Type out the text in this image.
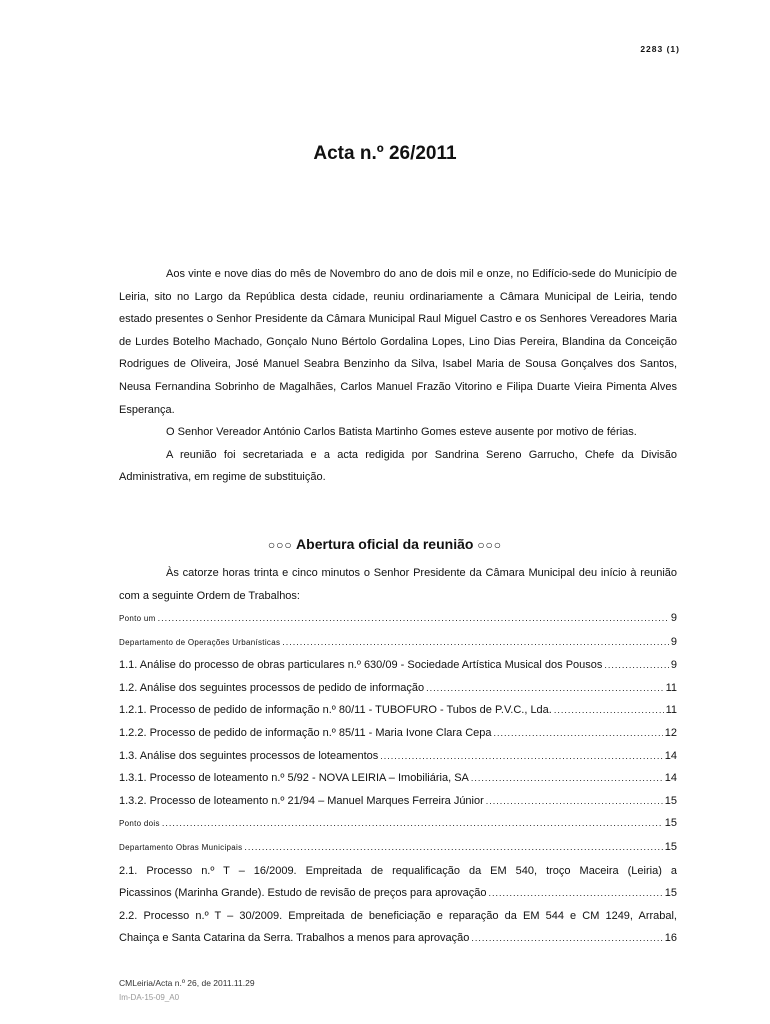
2283 (1)
Acta n.º 26/2011

Aos vinte e nove dias do mês de Novembro do ano de dois mil e onze, no Edifício-sede do Município de Leiria, sito no Largo da República desta cidade, reuniu ordinariamente a Câmara Municipal de Leiria, tendo estado presentes o Senhor Presidente da Câmara Municipal Raul Miguel Castro e os Senhores Vereadores Maria de Lurdes Botelho Machado, Gonçalo Nuno Bértolo Gordalina Lopes, Lino Dias Pereira, Blandina da Conceição Rodrigues de Oliveira, José Manuel Seabra Benzinho da Silva, Isabel Maria de Sousa Gonçalves dos Santos, Neusa Fernandina Sobrinho de Magalhães, Carlos Manuel Frazão Vitorino e Filipa Duarte Vieira Pimenta Alves Esperança.

O Senhor Vereador António Carlos Batista Martinho Gomes esteve ausente por motivo de férias.

A reunião foi secretariada e a acta redigida por Sandrina Sereno Garrucho, Chefe da Divisão Administrativa, em regime de substituição.

○○○ Abertura oficial da reunião ○○○

Às catorze horas trinta e cinco minutos o Senhor Presidente da Câmara Municipal deu início à reunião com a seguinte Ordem de Trabalhos:

Ponto um .....	9
Departamento de Operações Urbanísticas .....	9
1.1. Análise do processo de obras particulares n.º 630/09 - Sociedade Artística Musical dos Pousos .....	9
1.2. Análise dos seguintes processos de pedido de informação .....	11
1.2.1. Processo de pedido de informação n.º 80/11 - TUBOFURO - Tubos de P.V.C., Lda. .....	11
1.2.2. Processo de pedido de informação n.º 85/11 - Maria Ivone Clara Cepa .....	12
1.3. Análise dos seguintes processos de loteamentos .....	14
1.3.1. Processo de loteamento n.º 5/92 - NOVA LEIRIA – Imobiliária, SA .....	14
1.3.2. Processo de loteamento n.º 21/94 – Manuel Marques Ferreira Júnior .....	15
Ponto dois .....	15
Departamento Obras Municipais .....	15
2.1. Processo n.º T – 16/2009. Empreitada de requalificação da EM 540, troço Maceira (Leiria) a
Picassinos (Marinha Grande). Estudo de revisão de preços para aprovação .....	15
2.2. Processo n.º T – 30/2009. Empreitada de beneficiação e reparação da EM 544 e CM 1249, Arrabal,
Chainça e Santa Catarina da Serra. Trabalhos a menos para aprovação .....	16
CMLeiria/Acta n.º 26, de 2011.11.29
Im-DA-15-09_A0
